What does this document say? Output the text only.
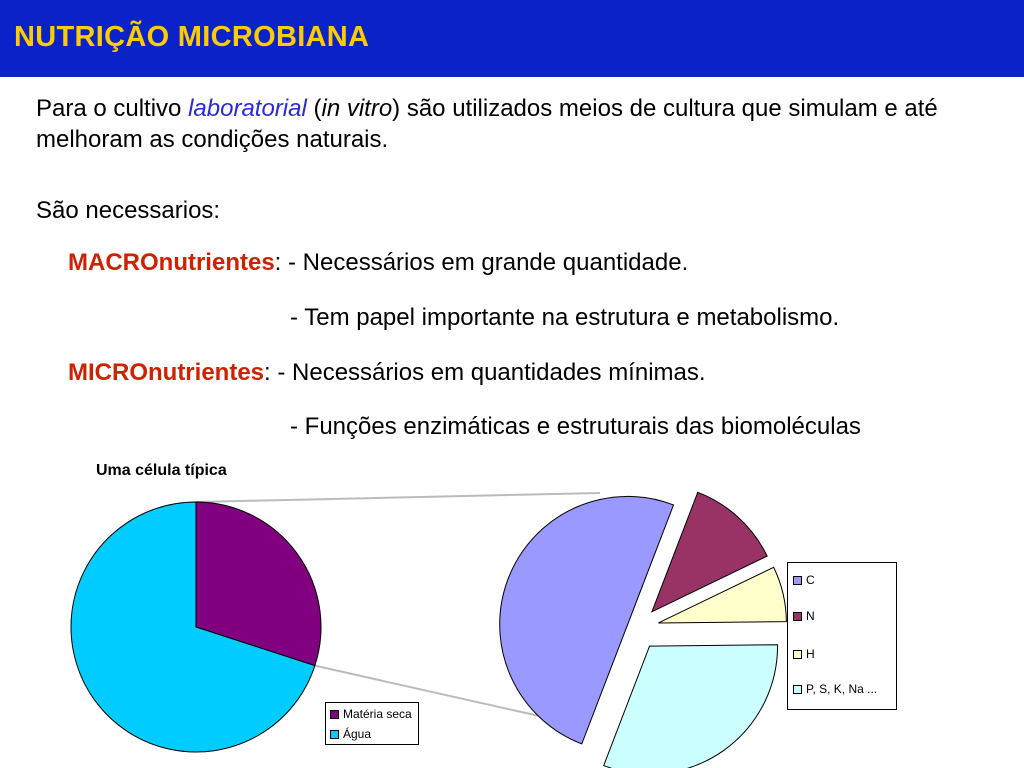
NUTRIÇÃO MICROBIANA

Para o cultivo laboratorial (in vitro) são utilizados meios de cultura que simulam e até melhoram as condições naturais.

São necessarios:

MACROnutrientes: - Necessários em grande quantidade.
- Tem papel importante na estrutura e metabolismo.
MICROnutrientes: - Necessários em quantidades mínimas.
- Funções enzimáticas e estruturais das biomoléculas

Uma célula típica

Matéria seca
Água
C
N
H
P, S, K, Na ...
